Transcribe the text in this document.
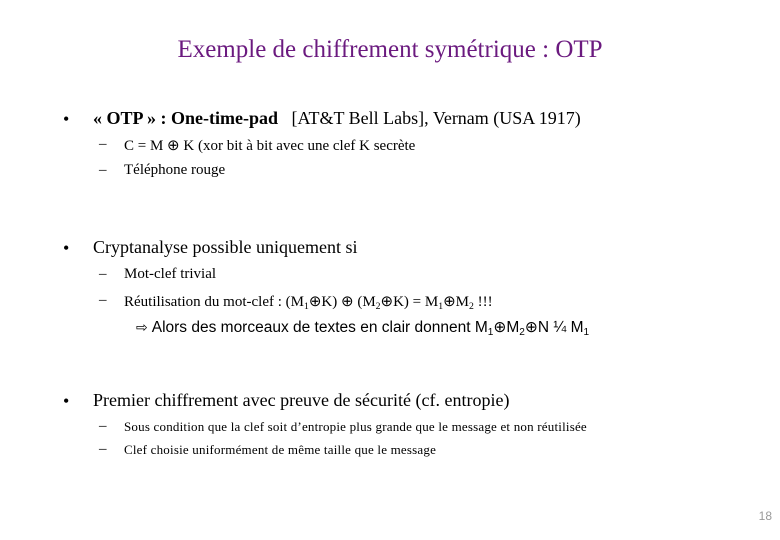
Exemple de chiffrement symétrique : OTP
• « OTP » : One-time-pad [AT&T Bell Labs], Vernam (USA 1917)
– C = M ⊕ K (xor bit à bit avec une clef K secrète
– Téléphone rouge
• Cryptanalyse possible uniquement si
– Mot-clef trivial
– Réutilisation du mot-clef : $(M_1\oplus K)$ ⊕ $(M_2\oplus K)$ = $M_1\oplus M_2$ !!!
⇨ Alors des morceaux de textes en clair donnent $M_1\oplus M_2\oplus N$ ¼ $M_1$
• Premier chiffrement avec preuve de sécurité (cf. entropie)
– Sous condition que la clef soit d’entropie plus grande que le message et non réutilisée
– Clef choisie uniformément de même taille que le message
18
